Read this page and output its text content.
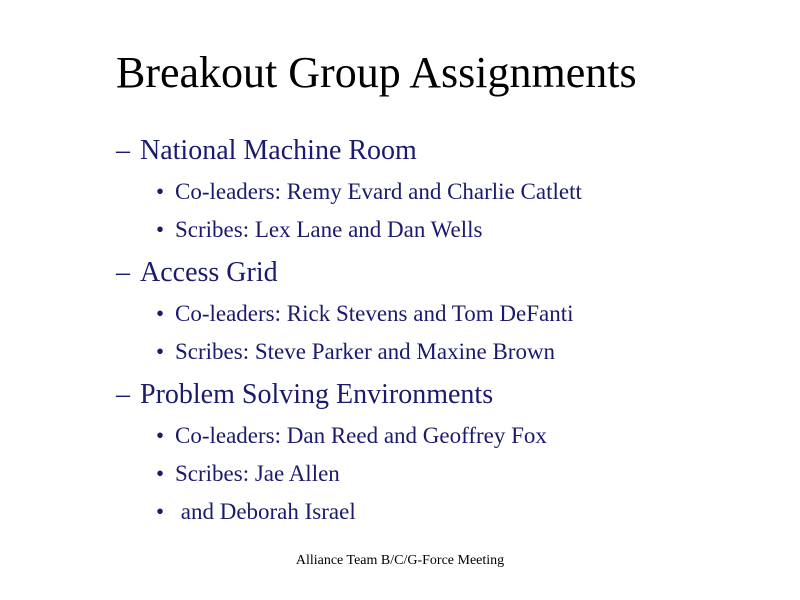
Breakout Group Assignments
– National Machine Room
• Co-leaders: Remy Evard and Charlie Catlett
• Scribes: Lex Lane and Dan Wells
– Access Grid
• Co-leaders: Rick Stevens and Tom DeFanti
• Scribes: Steve Parker and Maxine Brown
– Problem Solving Environments
• Co-leaders: Dan Reed and Geoffrey Fox
• Scribes: Jae Allen
• and Deborah Israel
Alliance Team B/C/G-Force Meeting
